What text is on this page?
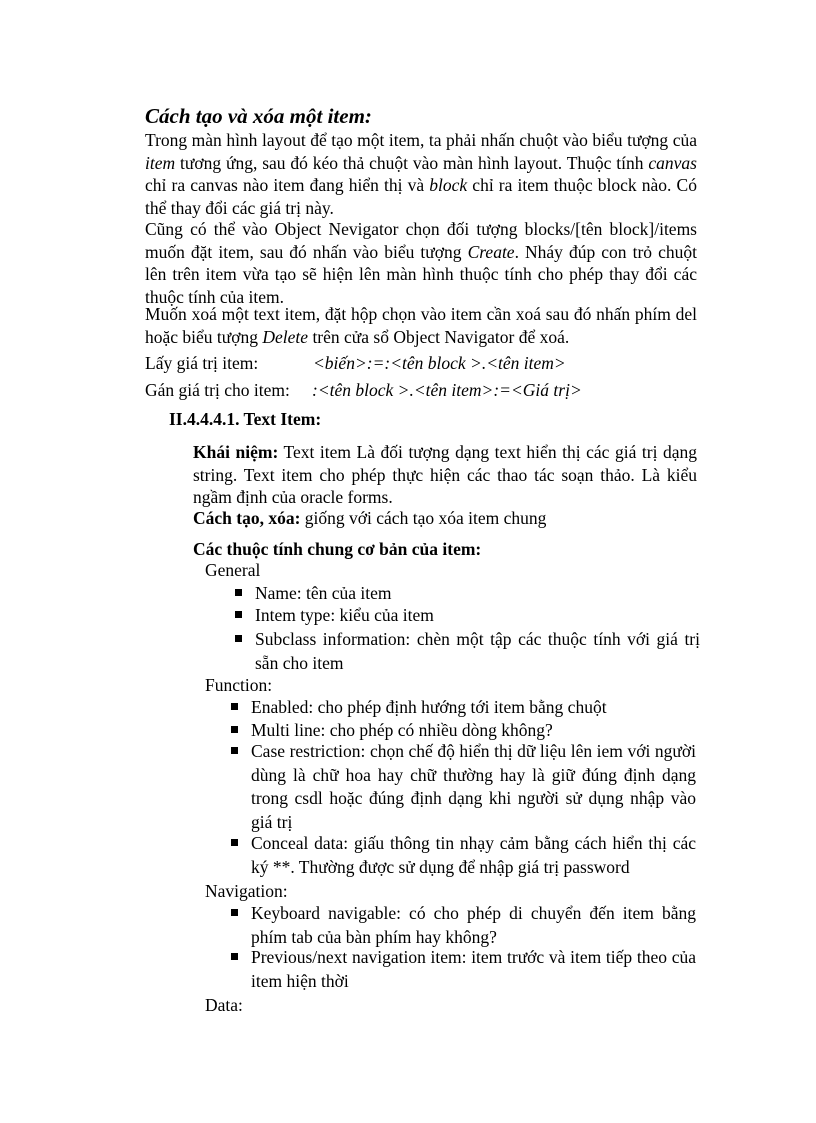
Cách tạo và xóa một item:

Trong màn hình layout để tạo một item, ta phải nhấn chuột vào biểu tượng của item tương ứng, sau đó kéo thả chuột vào màn hình layout. Thuộc tính canvas chỉ ra canvas nào item đang hiển thị và block chỉ ra item thuộc block nào. Có thể thay đổi các giá trị này.

Cũng có thể vào Object Nevigator chọn đối tượng blocks/[tên block]/items muốn đặt item, sau đó nhấn vào biểu tượng Create. Nháy đúp con trỏ chuột lên trên item vừa tạo sẽ hiện lên màn hình thuộc tính cho phép thay đổi các thuộc tính của item.

Muốn xoá một text item, đặt hộp chọn vào item cần xoá sau đó nhấn phím del hoặc biểu tượng Delete trên cửa sổ Object Navigator để xoá.

Lấy giá trị item:	<biến>:=:<tên block >.<tên item>
Gán giá trị cho item: :<tên block >.<tên item>:=<Giá trị>
II.4.4.4.1. Text Item:

Khái niệm: Text item Là đối tượng dạng text hiển thị các giá trị dạng string. Text item cho phép thực hiện các thao tác soạn thảo. Là kiểu ngầm định của oracle forms.

Cách tạo, xóa: giống với cách tạo xóa item chung

Các thuộc tính chung cơ bản của item:

General
Name: tên của item
Intem type: kiểu của item
Subclass information: chèn một tập các thuộc tính với giá trị sẵn cho item
Function:
Enabled: cho phép định hướng tới item bằng chuột
Multi line: cho phép có nhiều dòng không?
Case restriction: chọn chế độ hiển thị dữ liệu lên iem với người dùng là chữ hoa hay chữ thường hay là giữ đúng định dạng trong csdl hoặc đúng định dạng khi người sử dụng nhập vào giá trị
Conceal data: giấu thông tin nhạy cảm bằng cách hiển thị các ký **. Thường được sử dụng để nhập giá trị password
Navigation:
Keyboard navigable: có cho phép di chuyển đến item bằng phím tab của bàn phím hay không?
Previous/next navigation item: item trước và item tiếp theo của item hiện thời
Data:
